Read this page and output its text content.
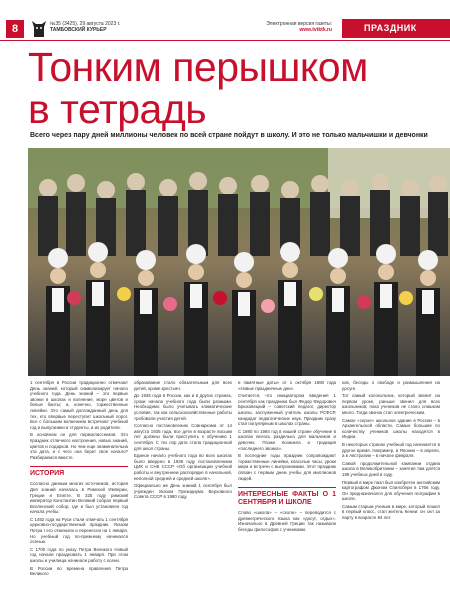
8	№35 (3425), 29 августа 2023 г.
ТАМБОВСКИЙ КУРЬЕР
Электронная версия газеты:
www.tvtktk.ru	ПРАЗДНИК
Тонким перышком
в тетрадь
Всего через пару дней миллионы человек по всей стране пойдут в школу. И это не только мальчишки и девчонки

1 сентября в России традиционно отмечают День знаний, который символизирует начало учебного года. День знаний – это первые звонки в школах и волнение, море цветов и белые банты; а, конечно, торжественные линейки. Это самый долгожданный день для тех, кто впервые переступит школьный порог. Все с большим волнением встречают учебный год и выпускники и студенты, и их родители.

В основном он для первоклассников. Это праздник отличного настроения, новых знаний, цветов и подарков. Но чем еще знаменательна эта дата, и с чего она берет свое начало? Разбираемся вместе.

ИСТОРИЯ

Согласно данным многих источников, история Дня знаний началась в Римской Империи, Греции и Египте. В 325 году римский император Константин Великий собрал первый Вселенский собор, где и был установлен год начала учебы.

С 1492 года на Руси стали отмечать 1 сентября церковно-государственный праздник. Указом Петра I его отменили и перенесли на 1 января. Но учебный год по-прежнему начинался осенью.

С 1700 года по указу Петра Великого Новый год начали праздновать 1 января. При этом школы и училища начинали работу с осени.

В России во времена правления Петра Великого

образование стало обязательным для всех детей, кроме крестьян.

До 1935 года в России, как и в других странах, сроки начала учебного года были разными. Необходимо было учитывать климатические условия, так как сельскохозяйственные работы требовали участия детей.

Согласно постановлению Совнаркома от 14 августа 1935 года, все дети в возрасте восьми лет должны были приступить к обучению 1 сентября. С тех пор дата стала традиционной для школ страны.

Единое начало учебного года во всех школах было введено в 1935 году постановлением ЦИК и СНК СССР «Об организации учебной работы и внутреннем распорядке в начальной, неполной средней и средней школе».

Официально же День знаний 1 сентября был учрежден Указом Президиума Верховного Совета СССР в 1980 году.

и памятные даты» от 1 октября 1980 года «Новые праздничные дни».

Считается, что инициатором введения 1 сентября как праздника был Федор Федорович Брюховецкий – советский педагог, директор школы, заслуженный учитель школы РСФСР, кандидат педагогических наук. Праздник сразу стал популярным в школах страны.

С 1980 по 1984 год в нашей стране обучение в школах велось раздельно для мальчиков и девочек. Позже возникла и традиция «последнего звонка».

В последние годы праздник сопровождают торжественные линейки, классные часы, уроки мира и встречи с выпускниками. Этот праздник связан с первым днем учебы для миллионов людей.

ИНТЕРЕСНЫЕ ФАКТЫ О 1 СЕНТЯБРЯ И ШКОЛЕ

Слово «школа» – «схоле» – переводится с древнегреческого языка как «досуг, отдых». Изначально в Древней Греции так называли беседы философов с учениками.

ков, беседы о свободе и размышления на досуге.

Тот самый колокольчик, который звенит на первом уроке, раньше звенил для всех школьников, пока учеников не стало слишком много. Тогда звонок стал электрическим.

Самое «серое» школьное здание в России – в Архангельской области. Самые большие по количеству учеников школы находятся в Индии.

В некоторых странах учебный год начинается в другое время. Например, в Японии – в апреле, а в Австралии – в начале февраля.

Самой продолжительной кампании отдана школа в Великобритании – занятия там длятся 195 учебных дней в году.

Первый в мире пазл был изобретен английским картографом Джоном Спилсбери в 1766 году. Он предназначался для обучения географии в школе.

Самым старым ученым в мире, который пошел в первый класс, стал житель Кении: он сел за парту в возрасте 84 лет.
